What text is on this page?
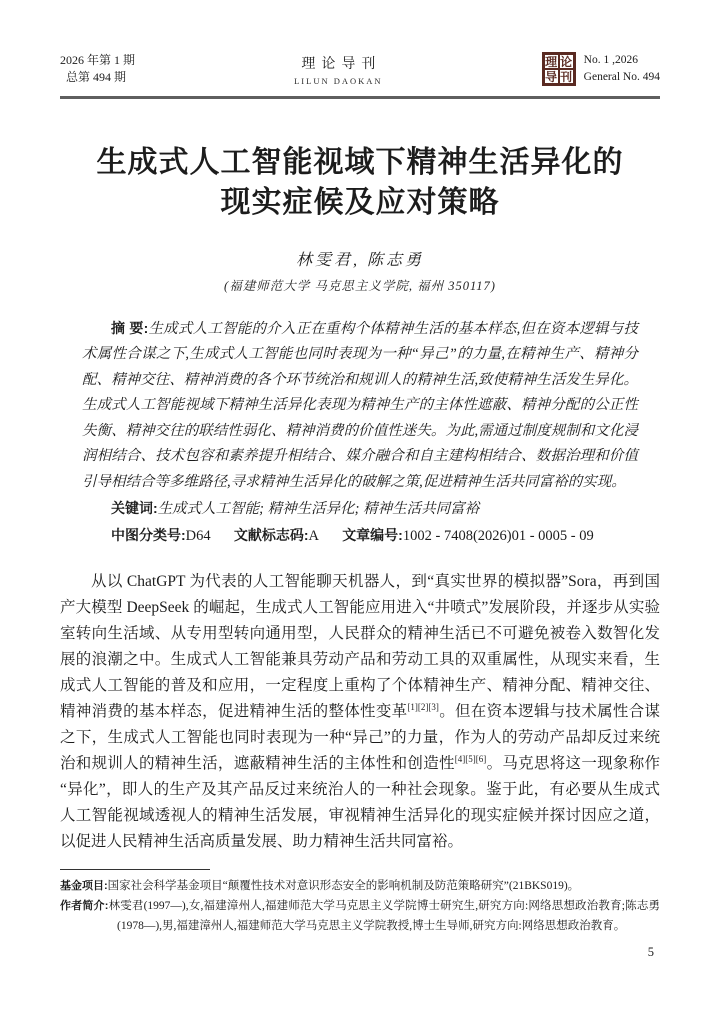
2026 年第 1 期
总第 494 期
理论导刊
LILUN DAOKAN
理 论
导 刊
No. 1 ,2026
General No. 494
生成式人工智能视域下精神生活异化的
现实症候及应对策略
林雯君, 陈志勇
(福建师范大学 马克思主义学院, 福州 350117)

摘 要:生成式人工智能的介入正在重构个体精神生活的基本样态,但在资本逻辑与技术属性合谋之下,生成式人工智能也同时表现为一种“异己”的力量,在精神生产、精神分配、精神交往、精神消费的各个环节统治和规训人的精神生活,致使精神生活发生异化。生成式人工智能视域下精神生活异化表现为精神生产的主体性遮蔽、精神分配的公正性失衡、精神交往的联结性弱化、精神消费的价值性迷失。为此,需通过制度规制和文化浸润相结合、技术包容和素养提升相结合、媒介融合和自主建构相结合、数据治理和价值引导相结合等多维路径,寻求精神生活异化的破解之策,促进精神生活共同富裕的实现。

关键词:生成式人工智能; 精神生活异化; 精神生活共同富裕

中图分类号:D64 文献标志码:A 文章编号:1002 - 7408(2026)01 - 0005 - 09

从以 ChatGPT 为代表的人工智能聊天机器人，到“真实世界的模拟器”Sora，再到国产大模型 DeepSeek 的崛起，生成式人工智能应用进入“井喷式”发展阶段，并逐步从实验室转向生活域、从专用型转向通用型，人民群众的精神生活已不可避免被卷入数智化发展的浪潮之中。生成式人工智能兼具劳动产品和劳动工具的双重属性，从现实来看，生成式人工智能的普及和应用，一定程度上重构了个体精神生产、精神分配、精神交往、精神消费的基本样态，促进精神生活的整体性变革[1][2][3]。但在资本逻辑与技术属性合谋之下，生成式人工智能也同时表现为一种“异己”的力量，作为人的劳动产品却反过来统治和规训人的精神生活，遮蔽精神生活的主体性和创造性[4][5][6]。马克思将这一现象称作“异化”，即人的生产及其产品反过来统治人的一种社会现象。鉴于此，有必要从生成式人工智能视域透视人的精神生活发展，审视精神生活异化的现实症候并探讨因应之道，以促进人民精神生活高质量发展、助力精神生活共同富裕。

基金项目:国家社会科学基金项目“颠覆性技术对意识形态安全的影响机制及防范策略研究”(21BKS019)。

作者简介:林雯君(1997—),女,福建漳州人,福建师范大学马克思主义学院博士研究生,研究方向:网络思想政治教育;陈志勇(1978—),男,福建漳州人,福建师范大学马克思主义学院教授,博士生导师,研究方向:网络思想政治教育。

5
